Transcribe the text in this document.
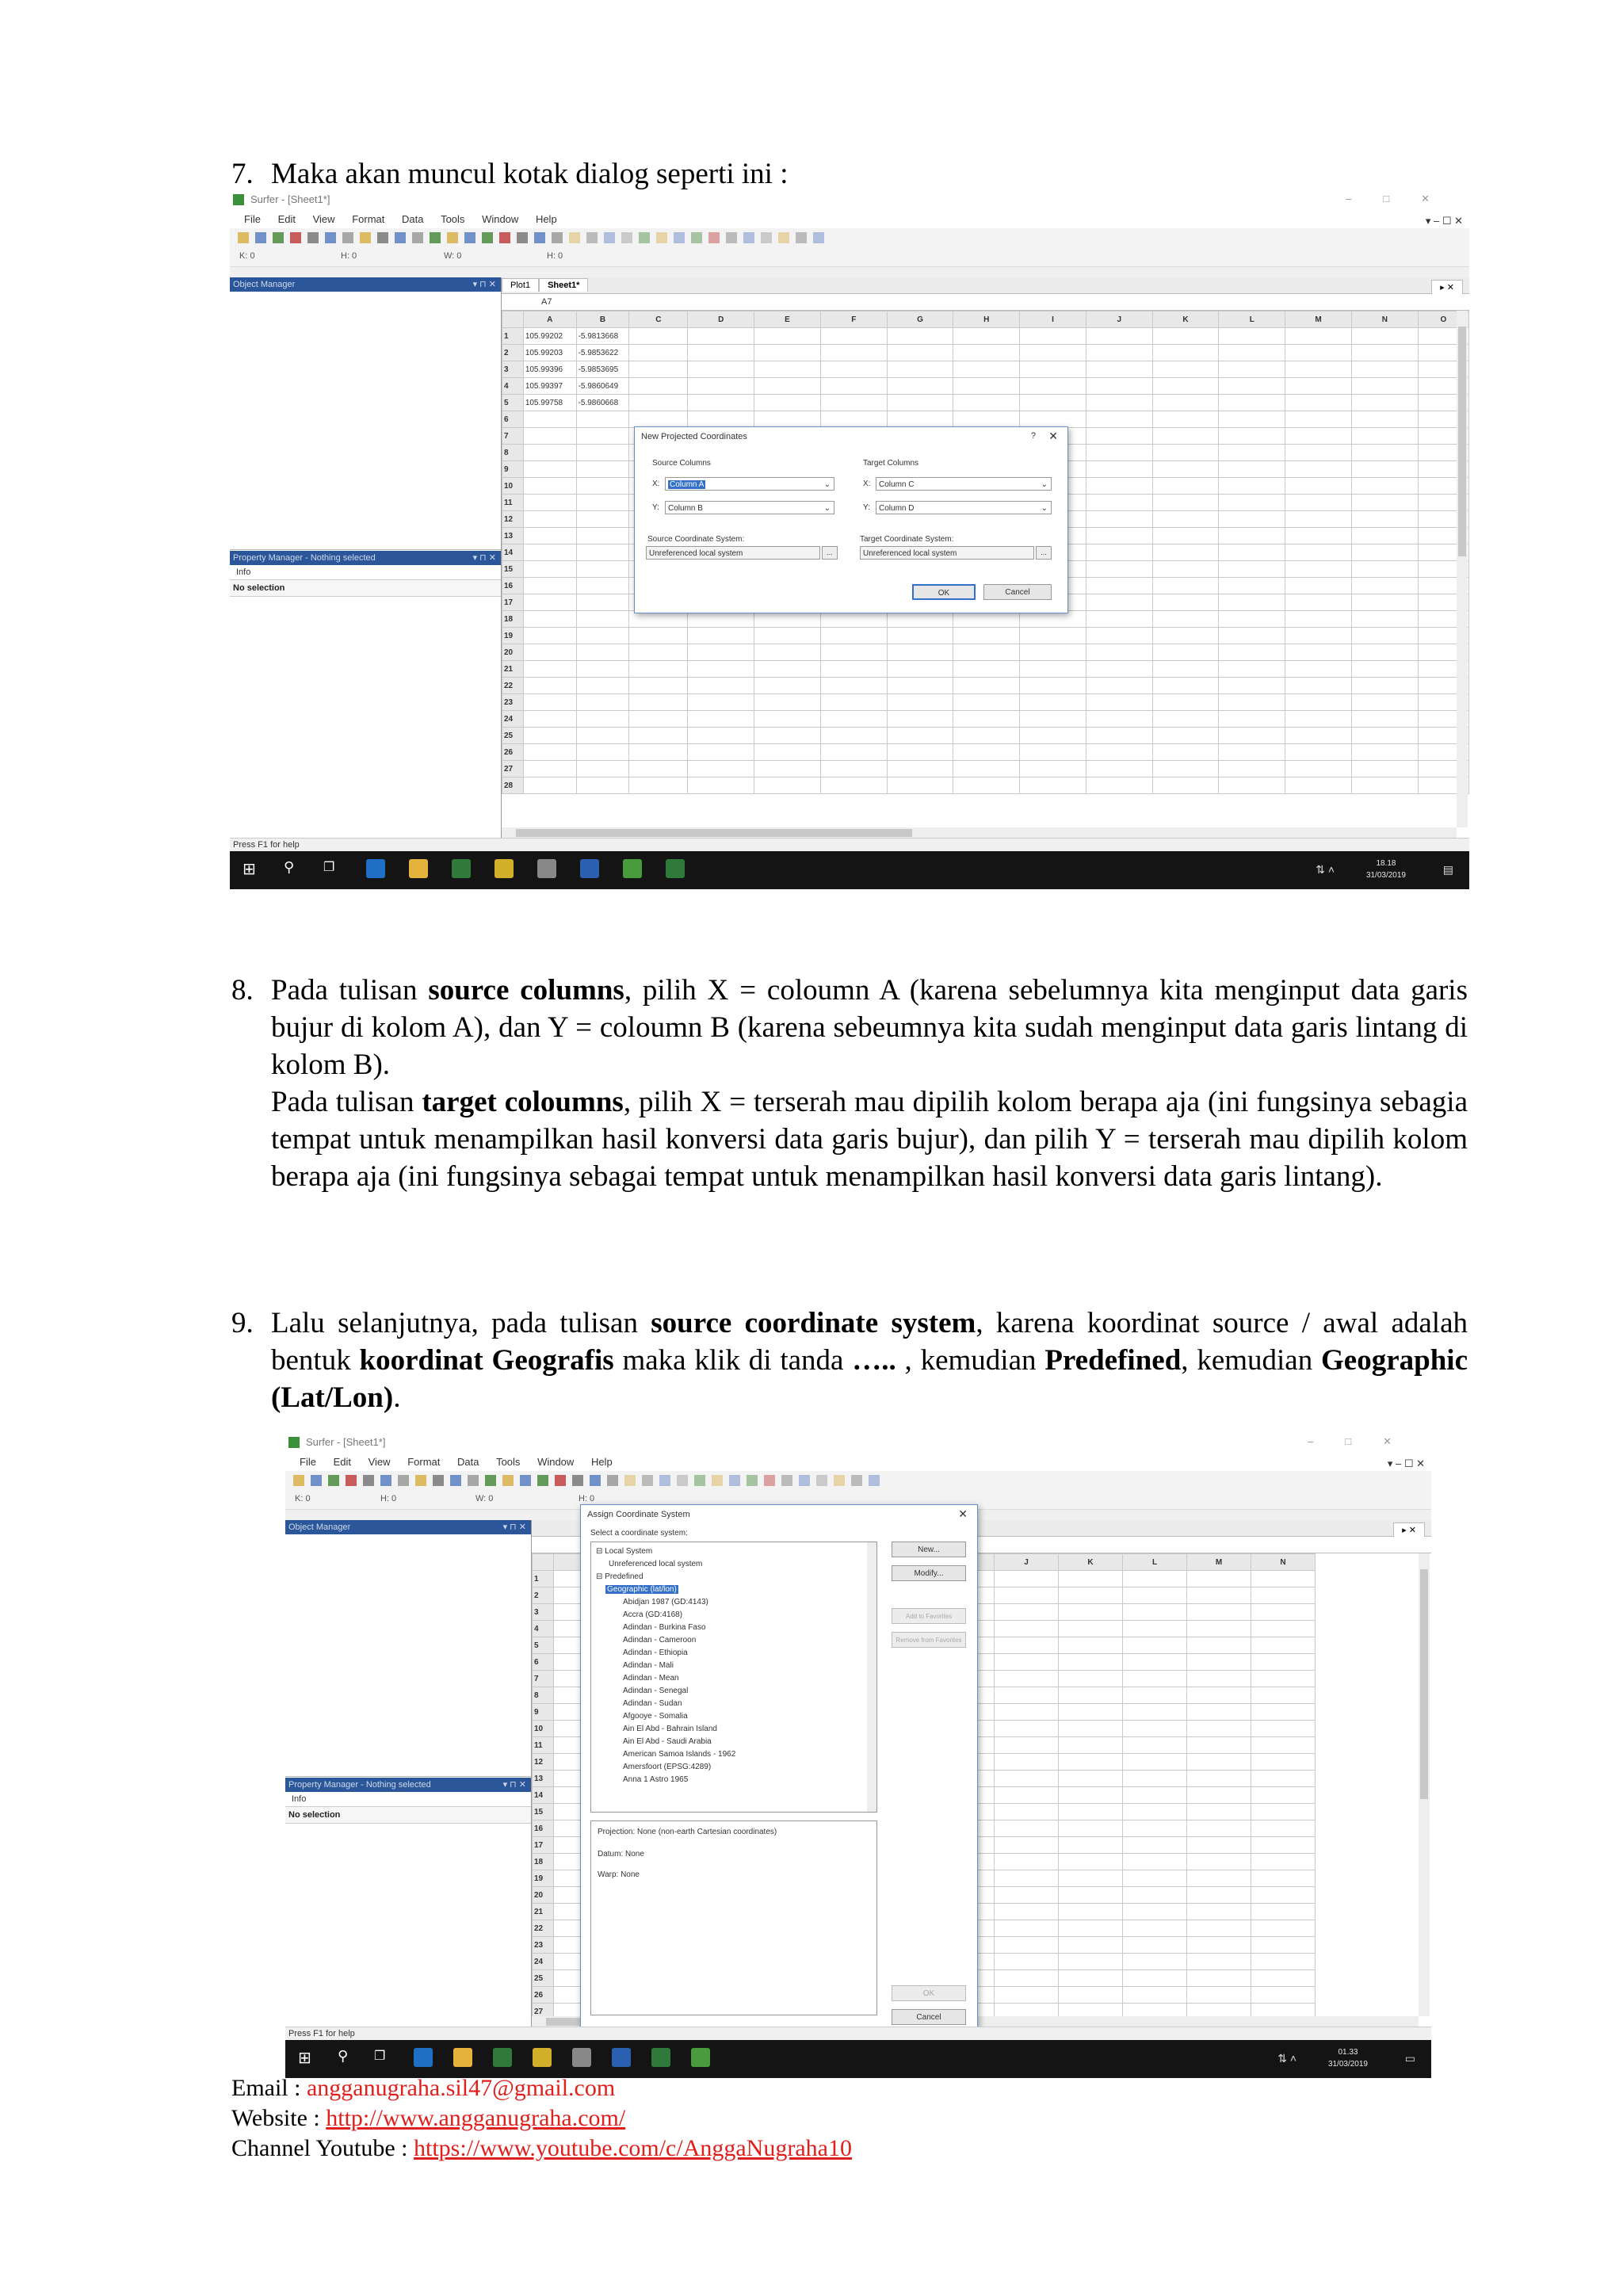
7. Maka akan muncul kotak dialog seperti ini :

Surfer - [Sheet1*]	–□✕
File Edit View Format Data Tools Window Help	▾ – ☐ ✕
K: 0	H: 0	W: 0	H: 0
Object Manager	▾ ⊓ ✕
Property Manager - Nothing selected	▾ ⊓ ✕
Info
No selection
Plot1 Sheet1*	▸ ✕
A7
	A	B	C	D	E	F	G	H	I	J	K	L	M	N	O
1	105.99202	-5.9813668													
2	105.99203	-5.9853622													
3	105.99396	-5.9853695													
4	105.99397	-5.9860649													
5	105.99758	-5.9860668													
6															
7															
8															
9															
10															
11															
12															
13															
14															
15															
16															
17															
18															
19															
20															
21															
22															
23															
24															
25															
26															
27															
28															
New Projected Coordinates	? ✕
Source Columns	Target Columns
X:	Column A	⌄
Y:	Column B	⌄
X:	Column C	⌄
Y:	Column D	⌄
Source Coordinate System:
Unreferenced local system	...
Target Coordinate System:
Unreferenced local system	...
OK	Cancel
Press F1 for help
⊞	⚲	❐	⇅ ˄	18.18
31/03/2019	▤
8. Pada tulisan source columns, pilih X = coloumn A (karena sebelumnya kita menginput data garis bujur di kolom A), dan Y = coloumn B (karena sebeumnya kita sudah menginput data garis lintang di kolom B).

Pada tulisan target coloumns, pilih X = terserah mau dipilih kolom berapa aja (ini fungsinya sebagia tempat untuk menampilkan hasil konversi data garis bujur), dan pilih Y = terserah mau dipilih kolom berapa aja (ini fungsinya sebagai tempat untuk menampilkan hasil konversi data garis lintang).

9. Lalu selanjutnya, pada tulisan source coordinate system, karena koordinat source / awal adalah bentuk koordinat Geografis maka klik di tanda ….. , kemudian Predefined, kemudian Geographic (Lat/Lon).

Surfer - [Sheet1*]	–□✕
File Edit View Format Data Tools Window Help	▾ – ☐ ✕
K: 0	H: 0	W: 0	H: 0
Object Manager	▾ ⊓ ✕
Property Manager - Nothing selected	▾ ⊓ ✕
Info
No selection
▸ ✕
					J	K	L	M	N
1									
2									
3									
4									
5									
6									
7									
8									
9									
10									
11									
12									
13									
14									
15									
16									
17									
18									
19									
20									
21									
22									
23									
24									
25									
26									
27									

Assign Coordinate System	✕
Select a coordinate system:
⊟ Local System
Unreferenced local system
⊟ Predefined
Geographic (lat/lon)
Abidjan 1987 (GD:4143)
Accra (GD:4168)
Adindan - Burkina Faso
Adindan - Cameroon
Adindan - Ethiopia
Adindan - Mali
Adindan - Mean
Adindan - Senegal
Adindan - Sudan
Afgooye - Somalia
Ain El Abd - Bahrain Island
Ain El Abd - Saudi Arabia
American Samoa Islands - 1962
Amersfoort (EPSG:4289)
Anna 1 Astro 1965
Projection: None (non-earth Cartesian coordinates)
Datum: None
Warp: None
New...
Modify...
Add to Favorites
Remove from Favorites
OK
Cancel
Press F1 for help
⊞	⚲	❐	⇅ ˄	01.33
31/03/2019	▭
Email : angganugraha.sil47@gmail.com
Website : http://www.angganugraha.com/
Channel Youtube : https://www.youtube.com/c/AnggaNugraha10
